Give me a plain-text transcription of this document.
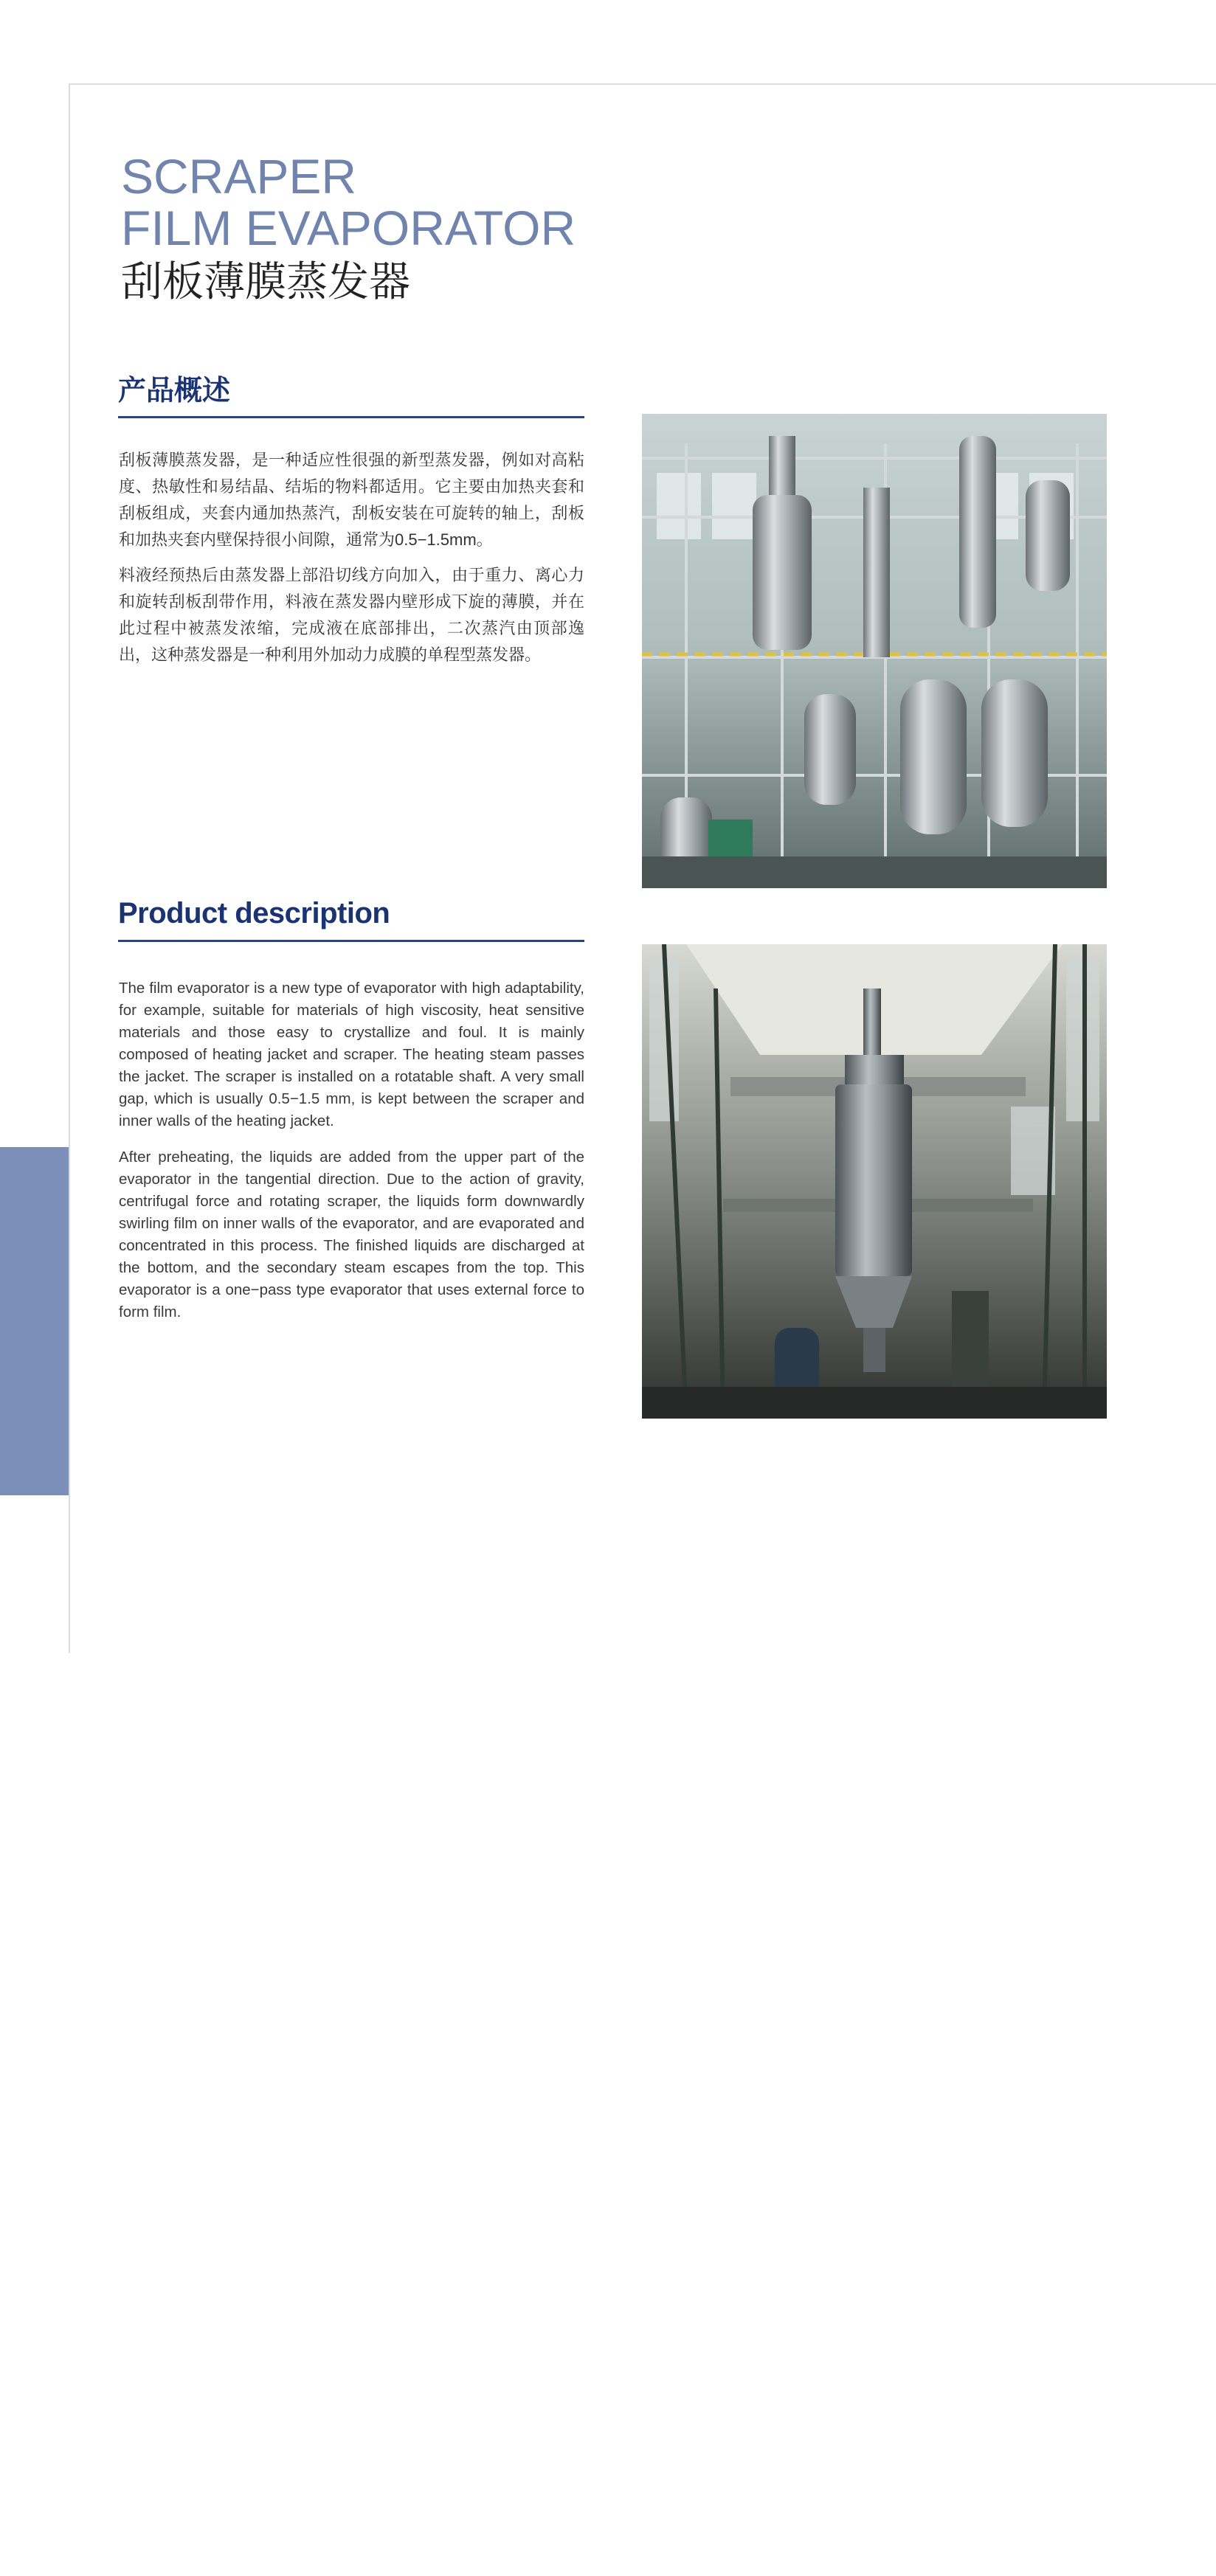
www.cnrenzhe.com
SCRAPER
FILM EVAPORATOR
刮板薄膜蒸发器
产品概述

刮板薄膜蒸发器，是一种适应性很强的新型蒸发器，例如对高粘度、热敏性和易结晶、结垢的物料都适用。它主要由加热夹套和刮板组成，夹套内通加热蒸汽，刮板安装在可旋转的轴上，刮板和加热夹套内壁保持很小间隙，通常为0.5−1.5mm。

料液经预热后由蒸发器上部沿切线方向加入，由于重力、离心力和旋转刮板刮带作用，料液在蒸发器内壁形成下旋的薄膜，并在此过程中被蒸发浓缩，完成液在底部排出，二次蒸汽由顶部逸出，这种蒸发器是一种利用外加动力成膜的单程型蒸发器。

Product description

The film evaporator is a new type of evaporator with high adaptability, for example, suitable for materials of high viscosity, heat sensitive materials and those easy to crystallize and foul. It is mainly composed of heating jacket and scraper. The heating steam passes the jacket. The scraper is installed on a rotatable shaft. A very small gap, which is usually 0.5−1.5 mm, is kept between the scraper and inner walls of the heating jacket.

After preheating, the liquids are added from the upper part of the evaporator in the tangential direction. Due to the action of gravity, centrifugal force and rotating scraper, the liquids form downwardly swirling film on inner walls of the evaporator, and are evaporated and concentrated in this process. The finished liquids are discharged at the bottom, and the secondary steam escapes from the top. This evaporator is a one−pass type evaporator that uses external force to form film.
